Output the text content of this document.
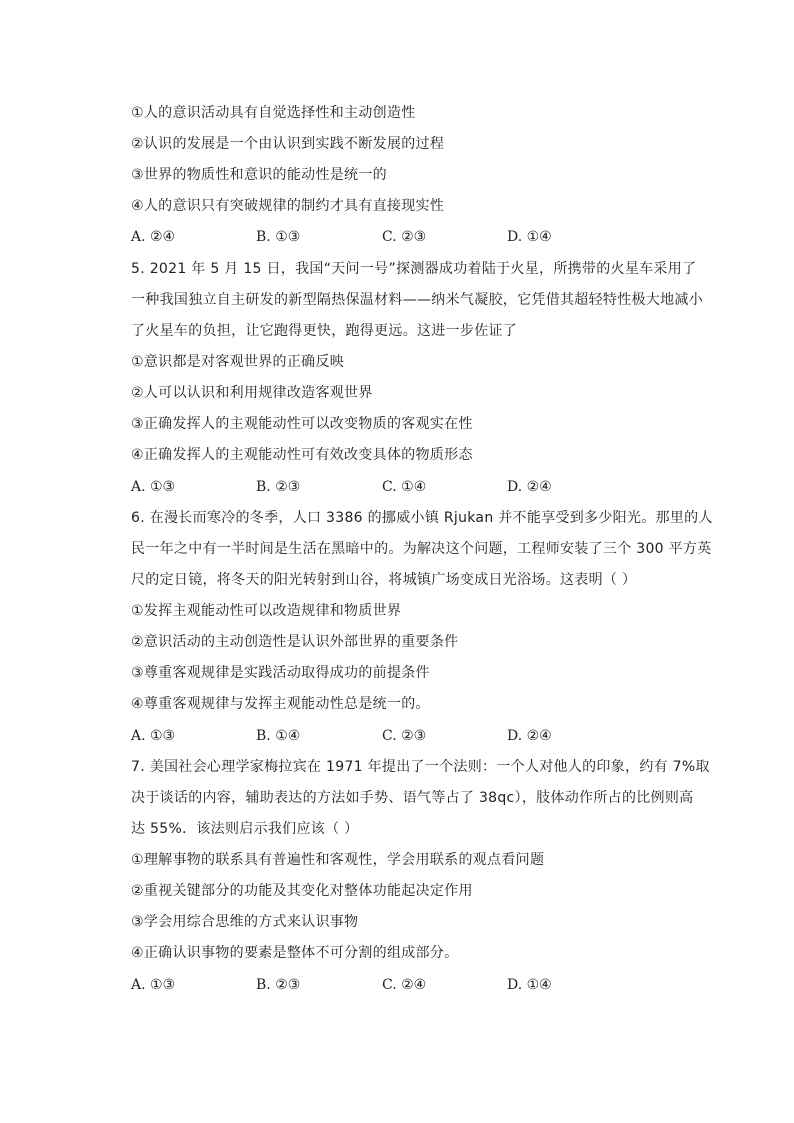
①人的意识活动具有自觉选择性和主动创造性
②认识的发展是一个由认识到实践不断发展的过程
③世界的物质性和意识的能动性是统一的
④人的意识只有突破规律的制约才具有直接现实性
A. ②④	B. ①③	C. ②③	D. ①④
5. 2021 年 5 月 15 日，我国“天问一号”探测器成功着陆于火星，所携带的火星车采用了
一种我国独立自主研发的新型隔热保温材料——纳米气凝胶，它凭借其超轻特性极大地减小
了火星车的负担，让它跑得更快，跑得更远。这进一步佐证了
①意识都是对客观世界的正确反映
②人可以认识和利用规律改造客观世界
③正确发挥人的主观能动性可以改变物质的客观实在性
④正确发挥人的主观能动性可有效改变具体的物质形态
A. ①③	B. ②③	C. ①④	D. ②④
6. 在漫长而寒冷的冬季，人口 3386 的挪威小镇 Rjukan 并不能享受到多少阳光。那里的人
民一年之中有一半时间是生活在黑暗中的。为解决这个问题，工程师安装了三个 300 平方英
尺的定日镜，将冬天的阳光转射到山谷，将城镇广场变成日光浴场。这表明（ ）
①发挥主观能动性可以改造规律和物质世界
②意识活动的主动创造性是认识外部世界的重要条件
③尊重客观规律是实践活动取得成功的前提条件
④尊重客观规律与发挥主观能动性总是统一的。
A. ①③	B. ①④	C. ②③	D. ②④
7. 美国社会心理学家梅拉宾在 1971 年提出了一个法则：一个人对他人的印象，约有 7%取
决于谈话的内容，辅助表达的方法如手势、语气等占了 38qc），肢体动作所占的比例则高
达 55%．该法则启示我们应该（ ）
①理解事物的联系具有普遍性和客观性，学会用联系的观点看问题
②重视关键部分的功能及其变化对整体功能起决定作用
③学会用综合思维的方式来认识事物
④正确认识事物的要素是整体不可分割的组成部分。
A. ①③	B. ②③	C. ②④	D. ①④
